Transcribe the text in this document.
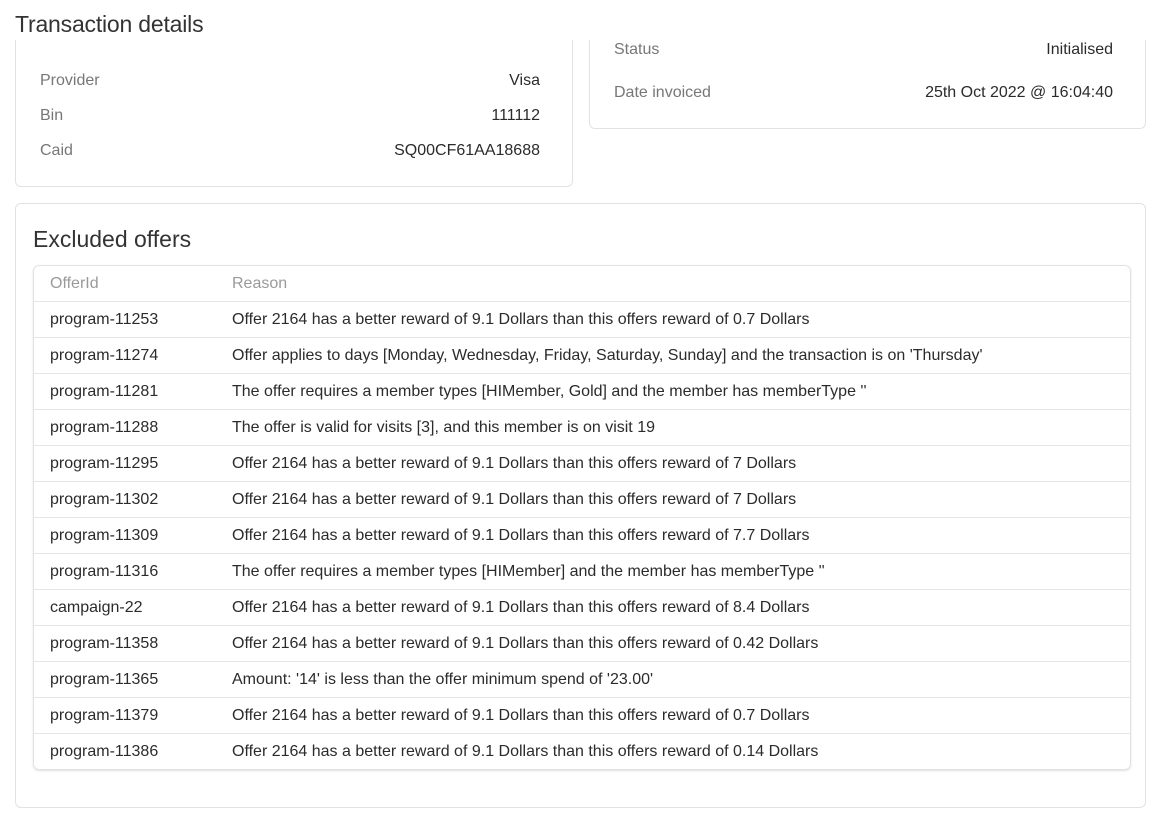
Transaction details
Provider	Visa
Bin	111112
Caid	SQ00CF61AA18688
Status	Initialised
Date invoiced	25th Oct 2022 @ 16:04:40
Excluded offers
OfferId	Reason
program-11253	Offer 2164 has a better reward of 9.1 Dollars than this offers reward of 0.7 Dollars
program-11274	Offer applies to days [Monday, Wednesday, Friday, Saturday, Sunday] and the transaction is on 'Thursday'
program-11281	The offer requires a member types [HIMember, Gold] and the member has memberType ''
program-11288	The offer is valid for visits [3], and this member is on visit 19
program-11295	Offer 2164 has a better reward of 9.1 Dollars than this offers reward of 7 Dollars
program-11302	Offer 2164 has a better reward of 9.1 Dollars than this offers reward of 7 Dollars
program-11309	Offer 2164 has a better reward of 9.1 Dollars than this offers reward of 7.7 Dollars
program-11316	The offer requires a member types [HIMember] and the member has memberType ''
campaign-22	Offer 2164 has a better reward of 9.1 Dollars than this offers reward of 8.4 Dollars
program-11358	Offer 2164 has a better reward of 9.1 Dollars than this offers reward of 0.42 Dollars
program-11365	Amount: '14' is less than the offer minimum spend of '23.00'
program-11379	Offer 2164 has a better reward of 9.1 Dollars than this offers reward of 0.7 Dollars
program-11386	Offer 2164 has a better reward of 9.1 Dollars than this offers reward of 0.14 Dollars
